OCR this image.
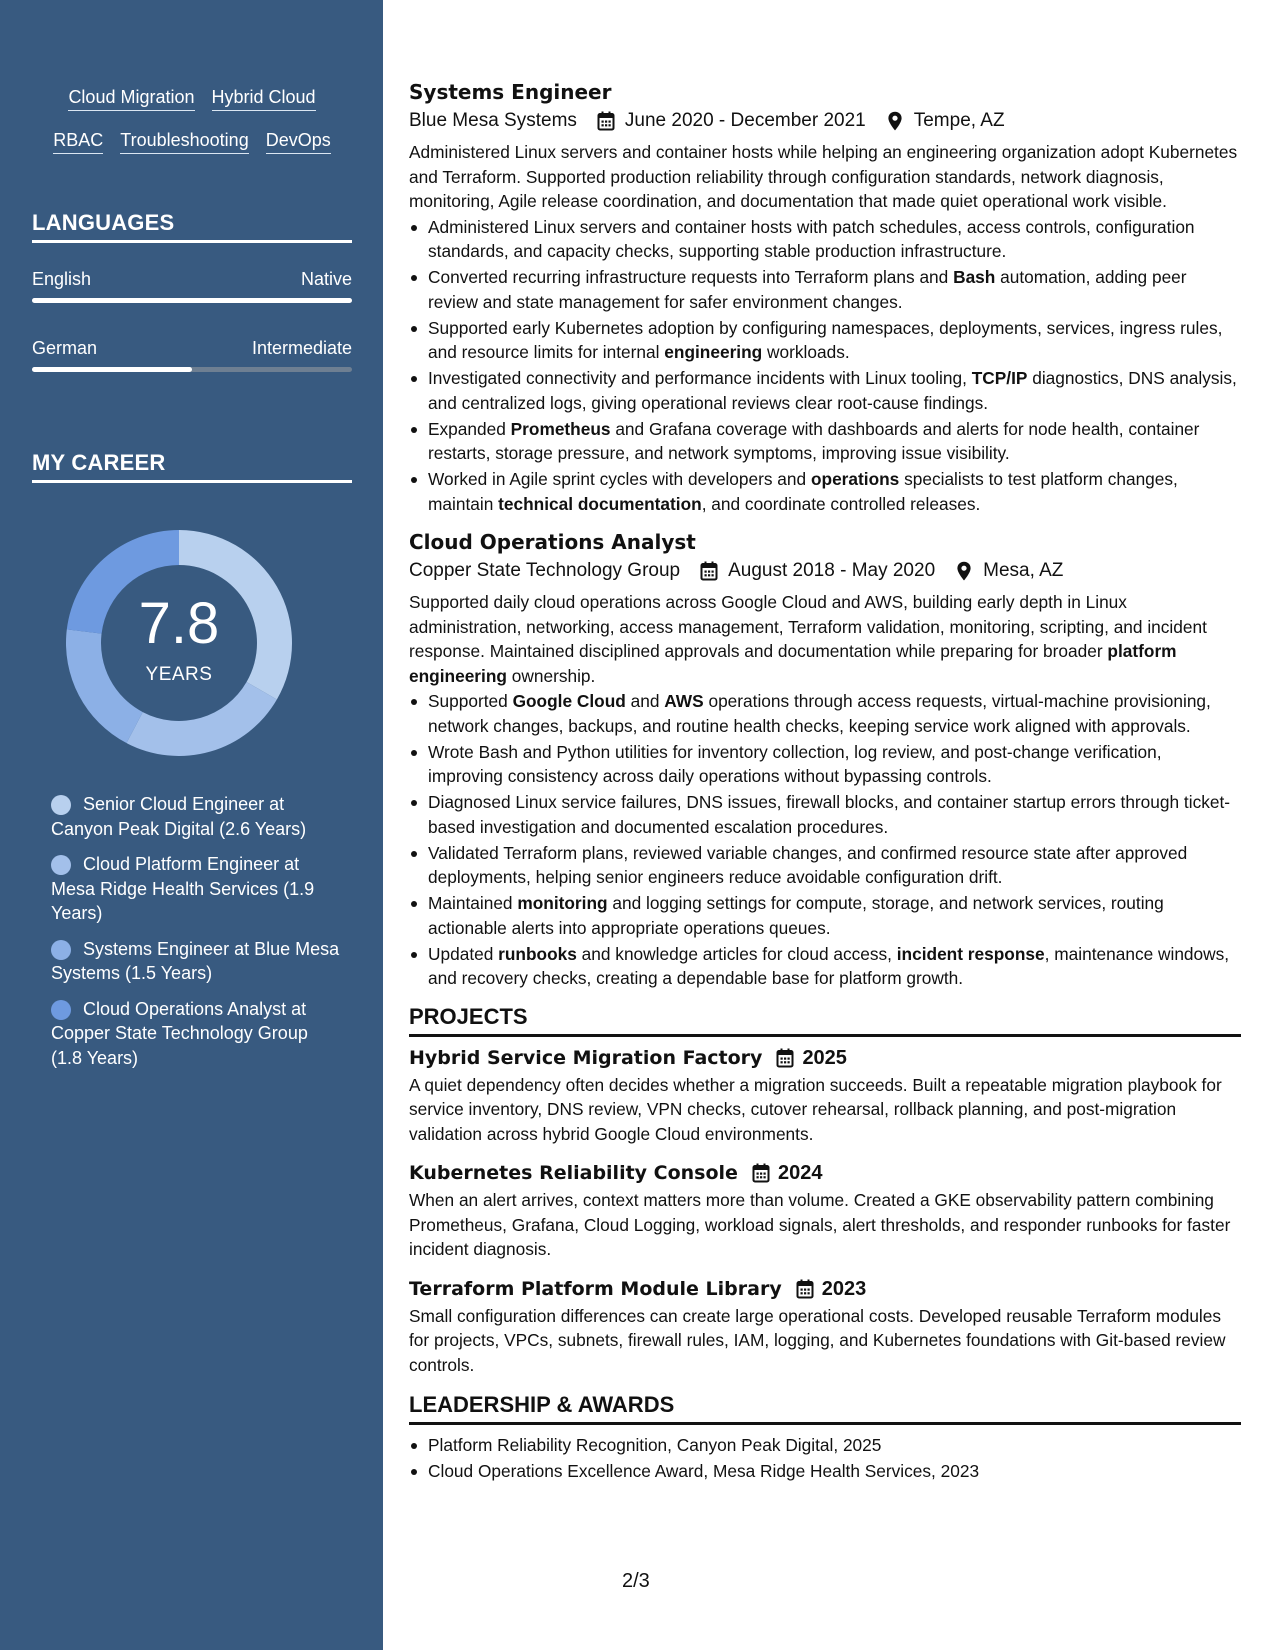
Cloud Migration Hybrid Cloud
RBAC Troubleshooting DevOps
LANGUAGES
English	Native
German	Intermediate
MY CAREER
7.8
YEARS
Senior Cloud Engineer at Canyon Peak Digital (2.6 Years)
Cloud Platform Engineer at Mesa Ridge Health Services (1.9 Years)
Systems Engineer at Blue Mesa Systems (1.5 Years)
Cloud Operations Analyst at Copper State Technology Group (1.8 Years)
Systems Engineer
Blue Mesa Systems	June 2020 - December 2021	Tempe, AZ
Administered Linux servers and container hosts while helping an engineering organization adopt Kubernetes and Terraform. Supported production reliability through configuration standards, network diagnosis, monitoring, Agile release coordination, and documentation that made quiet operational work visible.
Administered Linux servers and container hosts with patch schedules, access controls, configuration standards, and capacity checks, supporting stable production infrastructure.
Converted recurring infrastructure requests into Terraform plans and Bash automation, adding peer review and state management for safer environment changes.
Supported early Kubernetes adoption by configuring namespaces, deployments, services, ingress rules, and resource limits for internal engineering workloads.
Investigated connectivity and performance incidents with Linux tooling, TCP/IP diagnostics, DNS analysis, and centralized logs, giving operational reviews clear root-cause findings.
Expanded Prometheus and Grafana coverage with dashboards and alerts for node health, container restarts, storage pressure, and network symptoms, improving issue visibility.
Worked in Agile sprint cycles with developers and operations specialists to test platform changes, maintain technical documentation, and coordinate controlled releases.
Cloud Operations Analyst
Copper State Technology Group	August 2018 - May 2020	Mesa, AZ
Supported daily cloud operations across Google Cloud and AWS, building early depth in Linux administration, networking, access management, Terraform validation, monitoring, scripting, and incident response. Maintained disciplined approvals and documentation while preparing for broader platform engineering ownership.
Supported Google Cloud and AWS operations through access requests, virtual-machine provisioning, network changes, backups, and routine health checks, keeping service work aligned with approvals.
Wrote Bash and Python utilities for inventory collection, log review, and post-change verification, improving consistency across daily operations without bypassing controls.
Diagnosed Linux service failures, DNS issues, firewall blocks, and container startup errors through ticket-based investigation and documented escalation procedures.
Validated Terraform plans, reviewed variable changes, and confirmed resource state after approved deployments, helping senior engineers reduce avoidable configuration drift.
Maintained monitoring and logging settings for compute, storage, and network services, routing actionable alerts into appropriate operations queues.
Updated runbooks and knowledge articles for cloud access, incident response, maintenance windows, and recovery checks, creating a dependable base for platform growth.
PROJECTS
Hybrid Service Migration Factory 2025
A quiet dependency often decides whether a migration succeeds. Built a repeatable migration playbook for service inventory, DNS review, VPN checks, cutover rehearsal, rollback planning, and post-migration validation across hybrid Google Cloud environments.
Kubernetes Reliability Console 2024
When an alert arrives, context matters more than volume. Created a GKE observability pattern combining Prometheus, Grafana, Cloud Logging, workload signals, alert thresholds, and responder runbooks for faster incident diagnosis.
Terraform Platform Module Library 2023
Small configuration differences can create large operational costs. Developed reusable Terraform modules for projects, VPCs, subnets, firewall rules, IAM, logging, and Kubernetes foundations with Git-based review controls.
LEADERSHIP & AWARDS
Platform Reliability Recognition, Canyon Peak Digital, 2025
Cloud Operations Excellence Award, Mesa Ridge Health Services, 2023
2/3
